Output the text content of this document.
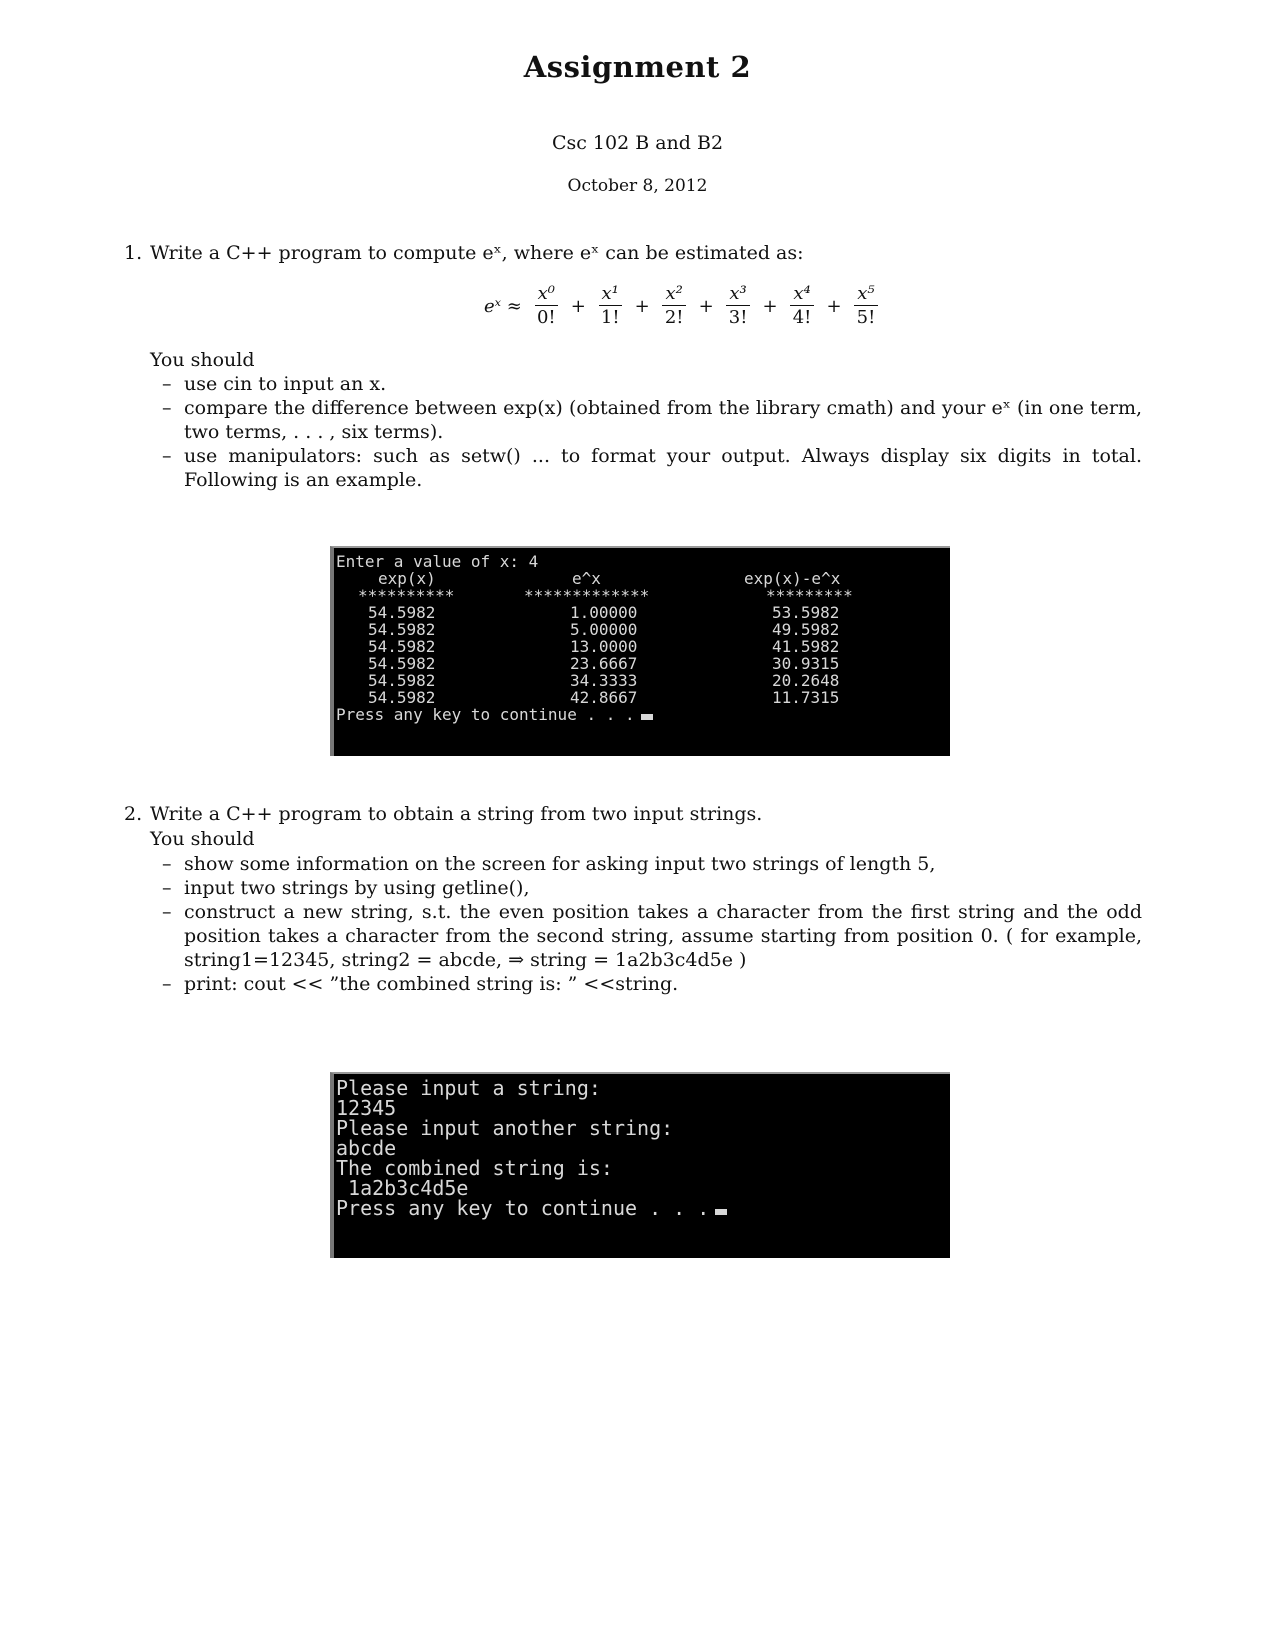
Assignment 2
Csc 102 B and B2
October 8, 2012
1. Write a C++ program to compute eˣ, where eˣ can be estimated as:
eˣ ≈ $\frac{\text{x⁰}}{0!} + \frac{\text{x¹}}{1!} + \frac{\text{x²}}{2!} + \frac{\text{x³}}{3!} + \frac{\text{x⁴}}{4!} + \frac{\text{x⁵}}{5!}$
You should
– use cin to input an x.
– compare the difference between exp(x) (obtained from the library cmath) and your eˣ (in one term, two terms, . . . , six terms).
– use manipulators: such as setw() ... to format your output. Always display six digits in total. Following is an example.
Enter a value of x: 4
exp(x)	e^x	exp(x)-e^x
**********	*************	*********
54.5982	1.00000	53.5982
54.5982	5.00000	49.5982
54.5982	13.0000	41.5982
54.5982	23.6667	30.9315
54.5982	34.3333	20.2648
54.5982	42.8667	11.7315
Press any key to continue . . .
2. Write a C++ program to obtain a string from two input strings.
You should
– show some information on the screen for asking input two strings of length 5,
– input two strings by using getline(),
– construct a new string, s.t. the even position takes a character from the first string and the odd position takes a character from the second string, assume starting from position 0. ( for example, string1=12345, string2 = abcde, ⇒ string = 1a2b3c4d5e )
– print: cout << ”the combined string is: ” <<string.
Please input a string:
12345
Please input another string:
abcde
The combined string is:
1a2b3c4d5e
Press any key to continue . . .
